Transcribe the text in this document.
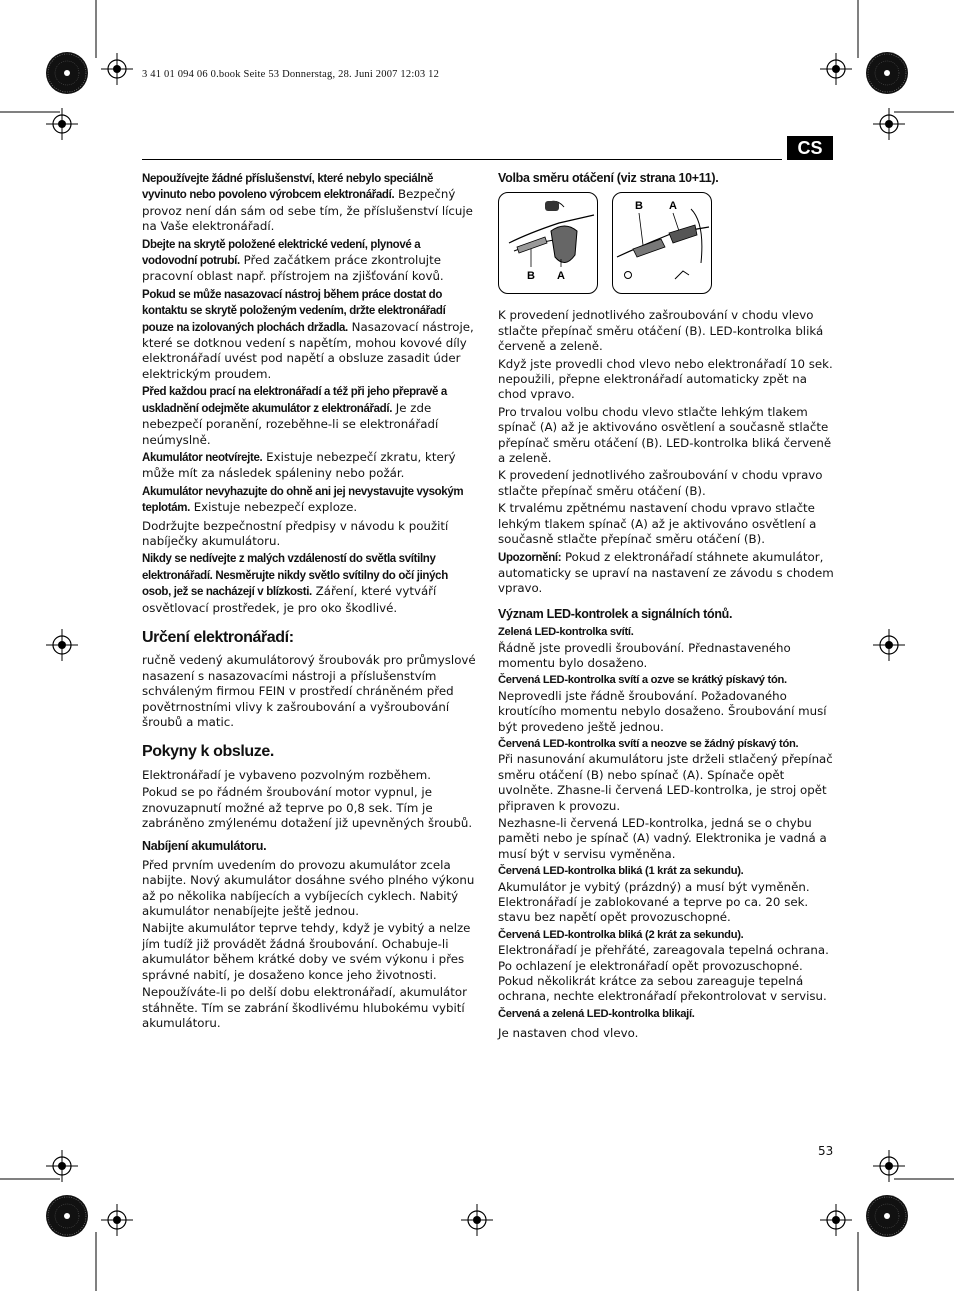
3 41 01 094 06 0.book Seite 53 Donnerstag, 28. Juni 2007 12:03 12
CS

Nepoužívejte žádné příslušenství, které nebylo speciálně vyvinuto nebo povoleno výrobcem elektronářadí. Bezpečný provoz není dán sám od sebe tím, že příslušenství lícuje na Vaše elektronářadí.

Dbejte na skrytě položené elektrické vedení, plynové a vodovodní potrubí. Před začátkem práce zkontrolujte pracovní oblast např. přístrojem na zjišťování kovů.

Pokud se může nasazovací nástroj během práce dostat do kontaktu se skrytě položeným vedením, držte elektronářadí pouze na izolovaných plochách držadla. Nasazovací nástroje, které se dotknou vedení s napětím, mohou kovové díly elektronářadí uvést pod napětí a obsluze zasadit úder elektrickým proudem.

Před každou prací na elektronářadí a též při jeho přepravě a uskladnění odejměte akumulátor z elektronářadí. Je zde nebezpečí poranění, rozeběhne-li se elektronářadí neúmyslně.

Akumulátor neotvírejte. Existuje nebezpečí zkratu, který může mít za následek spáleniny nebo požár.

Akumulátor nevyhazujte do ohně ani jej nevystavujte vysokým teplotám. Existuje nebezpečí exploze.

Dodržujte bezpečnostní předpisy v návodu k použití nabíječky akumulátoru.

Nikdy se nedívejte z malých vzdáleností do světla svítilny elektronářadí. Nesměrujte nikdy světlo svítilny do očí jiných osob, jež se nacházejí v blízkosti. Záření, které vytváří osvětlovací prostředek, je pro oko škodlivé.

Určení elektronářadí:

ručně vedený akumulátorový šroubovák pro průmyslové nasazení s nasazovacími nástroji a příslušenstvím schváleným firmou FEIN v prostředí chráněném před povětrnostními vlivy k zašroubování a vyšroubování šroubů a matic.

Pokyny k obsluze.

Elektronářadí je vybaveno pozvolným rozběhem.

Pokud se po řádném šroubování motor vypnul, je znovuzapnutí možné až teprve po 0,8 sek. Tím je zabráněno zmýlenému dotažení již upevněných šroubů.

Nabíjení akumulátoru.

Před prvním uvedením do provozu akumulátor zcela nabijte. Nový akumulátor dosáhne svého plného výkonu až po několika nabíjecích a vybíjecích cyklech. Nabitý akumulátor nenabíjejte ještě jednou.

Nabijte akumulátor teprve tehdy, když je vybitý a nelze jím tudíž již provádět žádná šroubování. Ochabuje-li akumulátor během krátké doby ve svém výkonu i přes správné nabití, je dosaženo konce jeho životnosti.

Nepoužíváte-li po delší dobu elektronářadí, akumulátor stáhněte. Tím se zabrání škodlivému hlubokému vybití akumulátoru.

Volba směru otáčení (viz strana 10+11).
B A

B A

K provedení jednotlivého zašroubování v chodu vlevo stlačte přepínač směru otáčení (B). LED-kontrolka bliká červeně a zeleně.

Když jste provedli chod vlevo nebo elektronářadí 10 sek. nepoužili, přepne elektronářadí automaticky zpět na chod vpravo.

Pro trvalou volbu chodu vlevo stlačte lehkým tlakem spínač (A) až je aktivováno osvětlení a současně stlačte přepínač směru otáčení (B). LED-kontrolka bliká červeně a zeleně.

K provedení jednotlivého zašroubování v chodu vpravo stlačte přepínač směru otáčení (B).

K trvalému zpětnému nastavení chodu vpravo stlačte lehkým tlakem spínač (A) až je aktivováno osvětlení a současně stlačte přepínač směru otáčení (B).

Upozornění: Pokud z elektronářadí stáhnete akumulátor, automaticky se upraví na nastavení ze závodu s chodem vpravo.

Význam LED-kontrolek a signálních tónů.
Zelená LED-kontrolka svítí.

Řádně jste provedli šroubování. Přednastaveného momentu bylo dosaženo.

Červená LED-kontrolka svítí a ozve se krátký pískavý tón.

Neprovedli jste řádně šroubování. Požadovaného kroutícího momentu nebylo dosaženo. Šroubování musí být provedeno ještě jednou.

Červená LED-kontrolka svítí a neozve se žádný pískavý tón.

Při nasunování akumulátoru jste drželi stlačený přepínač směru otáčení (B) nebo spínač (A). Spínače opět uvolněte. Zhasne-li červená LED-kontrolka, je stroj opět připraven k provozu.

Nezhasne-li červená LED-kontrolka, jedná se o chybu paměti nebo je spínač (A) vadný. Elektronika je vadná a musí být v servisu vyměněna.

Červená LED-kontrolka bliká (1 krát za sekundu).

Akumulátor je vybitý (prázdný) a musí být vyměněn. Elektronářadí je zablokované a teprve po ca. 20 sek. stavu bez napětí opět provozuschopné.

Červená LED-kontrolka bliká (2 krát za sekundu).

Elektronářadí je přehřáté, zareagovala tepelná ochrana. Po ochlazení je elektronářadí opět provozuschopné. Pokud několikrát krátce za sebou zareaguje tepelná ochrana, nechte elektronářadí překontrolovat v servisu.

Červená a zelená LED-kontrolka blikají.

Je nastaven chod vlevo.

53
